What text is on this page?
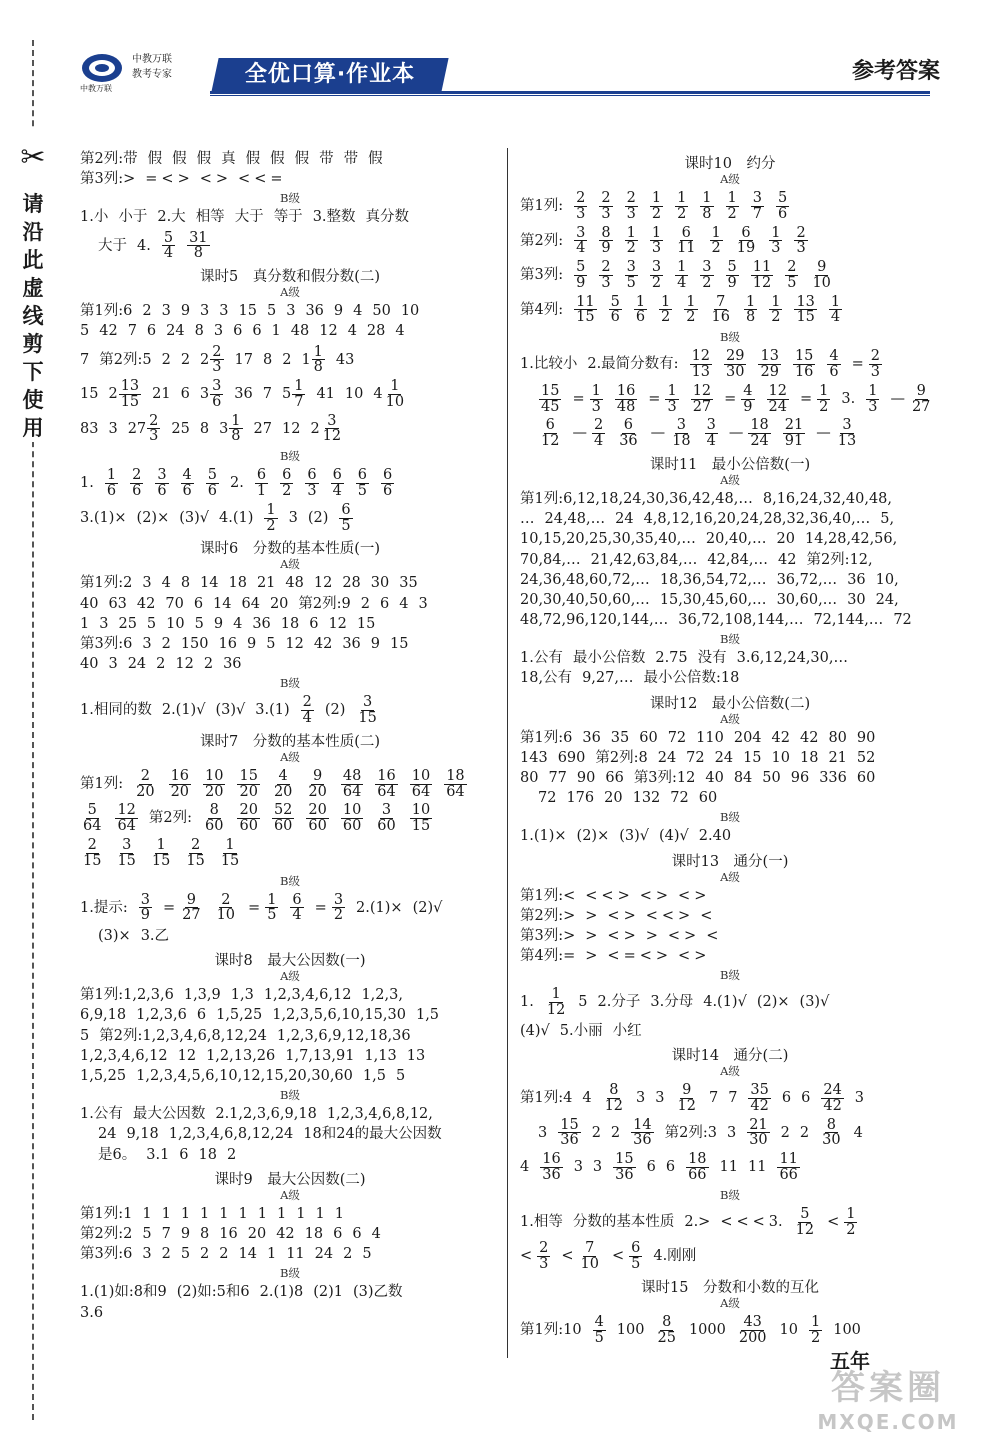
✂
请
沿
此
虚
线
剪
下
使
用
中教万联
教考专家
中教万联
全优口算·作业本	参考答案
第2列:带 假 假 假 真 假 假 假 带 带 假
第3列:> = < > < > < < =
B级
1.小 小于 2.大 相等 大于 等于 3.整数 真分数
大于 4. $\frac{5}{4} \frac{31}{8}$
课时5　真分数和假分数(二)
A级
第1列:6 2 3 9 3 3 15 5 3 36 9 4 50 10
5 42 7 6 24 8 3 6 6 1 48 12 4 28 4
7 第2列:5 2 2 $2 \frac{2}{3} 17$ 8 2 $1 \frac{1}{8} 43$
15 $2 \frac{13}{15} 21$ 6 $3 \frac{3}{6} 36$ 7 $5 \frac{1}{7} 41$ 10 $4 \frac{1}{10}$
83 3 $27 \frac{2}{3} 25$ 8 $3 \frac{1}{8} 27$ 12 $2 \frac{3}{12}$
B级
1. $\frac{1}{6} \frac{2}{6} \frac{3}{6} \frac{4}{6} \frac{5}{6} 2$. $\frac{6}{1} \frac{6}{2} \frac{6}{3} \frac{6}{4} \frac{6}{5} \frac{6}{6}$
3.(1)× (2)× (3)√ $4.(1) \frac{1}{2} 3$ $(2) \frac{6}{5}$
课时6　分数的基本性质(一)
A级
第1列:2 3 4 8 14 18 21 48 12 28 30 35
40 63 42 70 6 14 64 20 第2列:9 2 6 4 3
1 3 25 5 10 5 9 4 36 18 6 12 15
第3列:6 3 2 150 16 9 5 12 42 36 9 15
40 3 24 2 12 2 36
B级
1.相同的数 2.(1)√ (3)√ $3.(1) \frac{2}{4} (2) \frac{3}{15}$
课时7　分数的基本性质(二)
A级
第1列: $\frac{2}{20} \frac{16}{20} \frac{10}{20} \frac{15}{20} \frac{4}{20} \frac{9}{20} \frac{48}{64} \frac{16}{64} \frac{10}{64} \frac{18}{64}$
$\frac{5}{64} \frac{12}{64}$ 第2列: $\frac{8}{60} \frac{20}{60} \frac{52}{60} \frac{20}{60} \frac{10}{60} \frac{3}{60} \frac{10}{15}$
$\frac{2}{15} \frac{3}{15} \frac{1}{15} \frac{2}{15} \frac{1}{15}$
B级
1.提示: $\frac{3}{9} = \frac{9}{27} \frac{2}{10} = \frac{1}{5} \frac{6}{4} = \frac{3}{2} 2.(1)\times (2)√$
(3)× 3.乙
课时8　最大公因数(一)
A级
第1列:1,2,3,6 1,3,9 1,3 1,2,3,4,6,12 1,2,3,
6,9,18 1,2,3,6 6 1,5,25 1,2,3,5,6,10,15,30 1,5
5 第2列:1,2,3,4,6,8,12,24 1,2,3,6,9,12,18,36
1,2,3,4,6,12 12 1,2,13,26 1,7,13,91 1,13 13
1,5,25 1,2,3,4,5,6,10,12,15,20,30,60 1,5 5
B级
1.公有 最大公因数 2.1,2,3,6,9,18 1,2,3,4,6,8,12,
24 9,18 1,2,3,4,6,8,12,24 18和24的最大公因数
是6。 3.1 6 18 2
课时9　最大公因数(二)
A级
第1列:1 1 1 1 1 1 1 1 1 1 1 1
第2列:2 5 7 9 8 16 20 42 18 6 6 4
第3列:6 3 2 5 2 2 14 1 11 24 2 5
B级
1.(1)如:8和9 (2)如:5和6 2.(1)8 (2)1 (3)乙数
3.6
课时10　约分
A级
第1列: $\frac{2}{3} \frac{2}{3} \frac{2}{3} \frac{1}{2} \frac{1}{2} \frac{1}{8} \frac{1}{2} \frac{3}{7} \frac{5}{6}$
第2列: $\frac{3}{4} \frac{8}{9} \frac{1}{2} \frac{1}{3} \frac{6}{11} \frac{1}{2} \frac{6}{19} \frac{1}{3} \frac{2}{3}$
第3列: $\frac{5}{9} \frac{2}{3} \frac{3}{5} \frac{3}{2} \frac{1}{4} \frac{3}{2} \frac{5}{9} \frac{11}{12} \frac{2}{5} \frac{9}{10}$
第4列: $\frac{11}{15} \frac{5}{6} \frac{1}{6} \frac{1}{2} \frac{1}{2} \frac{7}{16} \frac{1}{8} \frac{1}{2} \frac{13}{15} \frac{1}{4}$
B级
1.比较小 2.最简分数有: $\frac{12}{13} \frac{29}{30} \frac{13}{29} \frac{15}{16} \frac{4}{6} = \frac{2}{3}$
$\frac{15}{45} = \frac{1}{3} \frac{16}{48} = \frac{1}{3} \frac{12}{27} = \frac{4}{9} \frac{12}{24} = \frac{1}{2} 3$. $\frac{1}{3}$ — $\frac{9}{27}$
$\frac{6}{12}$ — $\frac{2}{4} \frac{6}{36}$ — $\frac{3}{18} \frac{3}{4}$ — $\frac{18}{24} \frac{21}{91}$ — $\frac{3}{13}$
课时11　最小公倍数(一)
A级
第1列:6,12,18,24,30,36,42,48,… 8,16,24,32,40,48,
… 24,48,… 24 4,8,12,16,20,24,28,32,36,40,… 5,
10,15,20,25,30,35,40,… 20,40,… 20 14,28,42,56,
70,84,… 21,42,63,84,… 42,84,… 42 第2列:12,
24,36,48,60,72,… 18,36,54,72,… 36,72,… 36 10,
20,30,40,50,60,… 15,30,45,60,… 30,60,… 30 24,
48,72,96,120,144,… 36,72,108,144,… 72,144,… 72
B级
1.公有 最小公倍数 2.75 没有 3.6,12,24,30,…
18,公有 9,27,… 最小公倍数:18
课时12　最小公倍数(二)
A级
第1列:6 36 35 60 72 110 204 42 42 80 90
143 690 第2列:8 24 72 24 15 10 18 21 52
80 77 90 66 第3列:12 40 84 50 96 336 60
72 176 20 132 72 60
B级
1.(1)× (2)× (3)√ (4)√ 2.40
课时13　通分(一)
A级
第1列:< < < > < > < >
第2列:> > < > < < > <
第3列:> > < > > < > <
第4列:= > < = < > < >
B级
1. $\frac{1}{12} 5$ 2.分子 3.分母 4.(1)√ (2)× (3)√
(4)√ 5.小丽 小红
课时14　通分(二)
A级
第1列:4 $4 \frac{8}{12} 3$ $3 \frac{9}{12} 7$ $7 \frac{35}{42} 6$ $6 \frac{24}{42} 3$
$3 \frac{15}{36} 2$ $2 \frac{14}{36}$ 第2列:3 $3 \frac{21}{30} 2$ $2 \frac{8}{30} 4$
$4 \frac{16}{36} 3$ $3 \frac{15}{36} 6$ $6 \frac{18}{66} 11$ $11 \frac{11}{66}$
B级
1.相等 分数的基本性质 2.> < < < 3. $\frac{5}{12} < \frac{1}{2}$
< $\frac{2}{3} < \frac{7}{10} < \frac{6}{5} 4$.刚刚
课时15　分数和小数的互化
A级
第1列:10 $\frac{4}{5} 100 \frac{8}{25} 1000 \frac{43}{200} 10 \frac{1}{2} 100$
五年
答案圈
MXQE.COM
